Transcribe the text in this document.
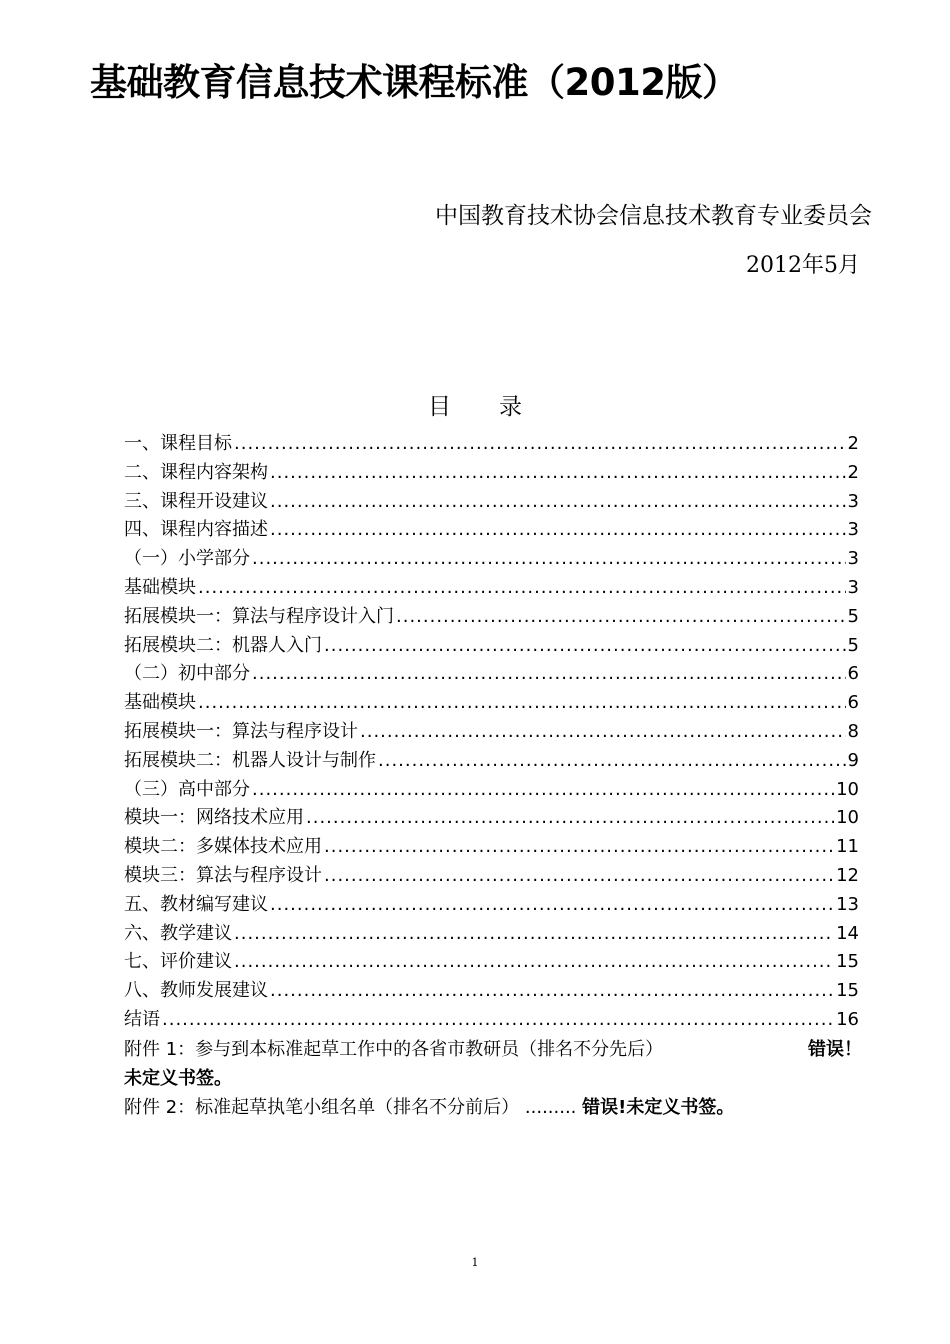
基础教育信息技术课程标准（2012版）
中国教育技术协会信息技术教育专业委员会
2012年5月
目录
一、课程目标 .....	2
二、课程内容架构 .....	2
三、课程开设建议 .....	3
四、课程内容描述 .....	3
（一）小学部分 .....	3
基础模块 .....	3
拓展模块一：算法与程序设计入门 .....	5
拓展模块二：机器人入门 .....	5
（二）初中部分 .....	6
基础模块 .....	6
拓展模块一：算法与程序设计 .....	8
拓展模块二：机器人设计与制作 .....	9
（三）高中部分 .....	10
模块一：网络技术应用 .....	10
模块二：多媒体技术应用 .....	11
模块三：算法与程序设计 .....	12
五、教材编写建议 .....	13
六、教学建议 .....	14
七、评价建议 .....	15
八、教师发展建议 .....	15
结语 .....	16
附件 1：参与到本标准起草工作中的各省市教研员（排名不分先后）	错误！
未定义书签。
附件 2：标准起草执笔小组名单（排名不分前后） ......... 错误!未定义书签。
1
